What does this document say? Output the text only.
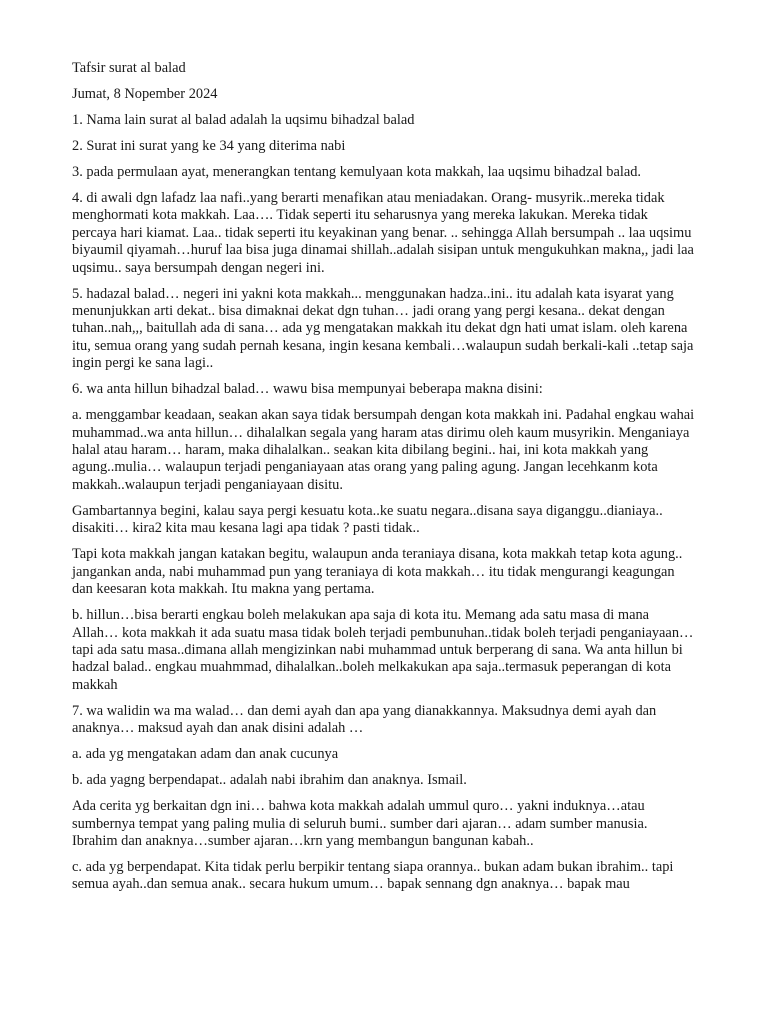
Tafsir surat al balad

Jumat, 8 Nopember 2024

1. Nama lain surat al balad adalah la uqsimu bihadzal balad

2. Surat ini surat yang ke 34 yang diterima nabi

3. pada permulaan ayat, menerangkan tentang kemulyaan kota makkah, laa uqsimu bihadzal balad.

4. di awali dgn lafadz laa nafi..yang berarti menafikan atau meniadakan. Orang- musyrik..mereka tidak menghormati kota makkah. Laa…. Tidak seperti itu seharusnya yang mereka lakukan. Mereka tidak percaya hari kiamat. Laa.. tidak seperti itu keyakinan yang benar. .. sehingga Allah bersumpah .. laa uqsimu biyaumil qiyamah…huruf laa bisa juga dinamai shillah..adalah sisipan untuk mengukuhkan makna,, jadi laa uqsimu.. saya bersumpah dengan negeri ini.

5. hadazal balad… negeri ini yakni kota makkah... menggunakan hadza..ini.. itu adalah kata isyarat yang menunjukkan arti dekat.. bisa dimaknai dekat dgn tuhan… jadi orang yang pergi kesana.. dekat dengan tuhan..nah,,, baitullah ada di sana… ada yg mengatakan makkah itu dekat dgn hati umat islam. oleh karena itu, semua orang yang sudah pernah kesana, ingin kesana kembali…walaupun sudah berkali-kali ..tetap saja ingin pergi ke sana lagi..

6. wa anta hillun bihadzal balad… wawu bisa mempunyai beberapa makna disini:

a. menggambar keadaan, seakan akan saya tidak bersumpah dengan kota makkah ini. Padahal engkau wahai muhammad..wa anta hillun… dihalalkan segala yang haram atas dirimu oleh kaum musyrikin. Menganiaya halal atau haram… haram, maka dihalalkan.. seakan kita dibilang begini.. hai, ini kota makkah yang agung..mulia… walaupun terjadi penganiayaan atas orang yang paling agung. Jangan lecehkanm kota makkah..walaupun terjadi penganiayaan disitu.

Gambartannya begini, kalau saya pergi kesuatu kota..ke suatu negara..disana saya diganggu..dianiaya.. disakiti… kira2 kita mau kesana lagi apa tidak ? pasti tidak..

Tapi kota makkah jangan katakan begitu, walaupun anda teraniaya disana, kota makkah tetap kota agung.. jangankan anda, nabi muhammad pun yang teraniaya di kota makkah… itu tidak mengurangi keagungan dan keesaran kota makkah. Itu makna yang pertama.

b. hillun…bisa berarti engkau boleh melakukan apa saja di kota itu. Memang ada satu masa di mana Allah… kota makkah it ada suatu masa tidak boleh terjadi pembunuhan..tidak boleh terjadi penganiayaan…tapi ada satu masa..dimana allah mengizinkan nabi muhammad untuk berperang di sana. Wa anta hillun bi hadzal balad.. engkau muahmmad, dihalalkan..boleh melkakukan apa saja..termasuk peperangan di kota makkah

7. wa walidin wa ma walad… dan demi ayah dan apa yang dianakkannya. Maksudnya demi ayah dan anaknya… maksud ayah dan anak disini adalah …

a. ada yg mengatakan adam dan anak cucunya

b. ada yagng berpendapat.. adalah nabi ibrahim dan anaknya. Ismail.

Ada cerita yg berkaitan dgn ini… bahwa kota makkah adalah ummul quro… yakni induknya…atau sumbernya tempat yang paling mulia di seluruh bumi.. sumber dari ajaran… adam sumber manusia. Ibrahim dan anaknya…sumber ajaran…krn yang membangun bangunan kabah..

c. ada yg berpendapat. Kita tidak perlu berpikir tentang siapa orannya.. bukan adam bukan ibrahim.. tapi semua ayah..dan semua anak.. secara hukum umum… bapak sennang dgn anaknya… bapak mau
